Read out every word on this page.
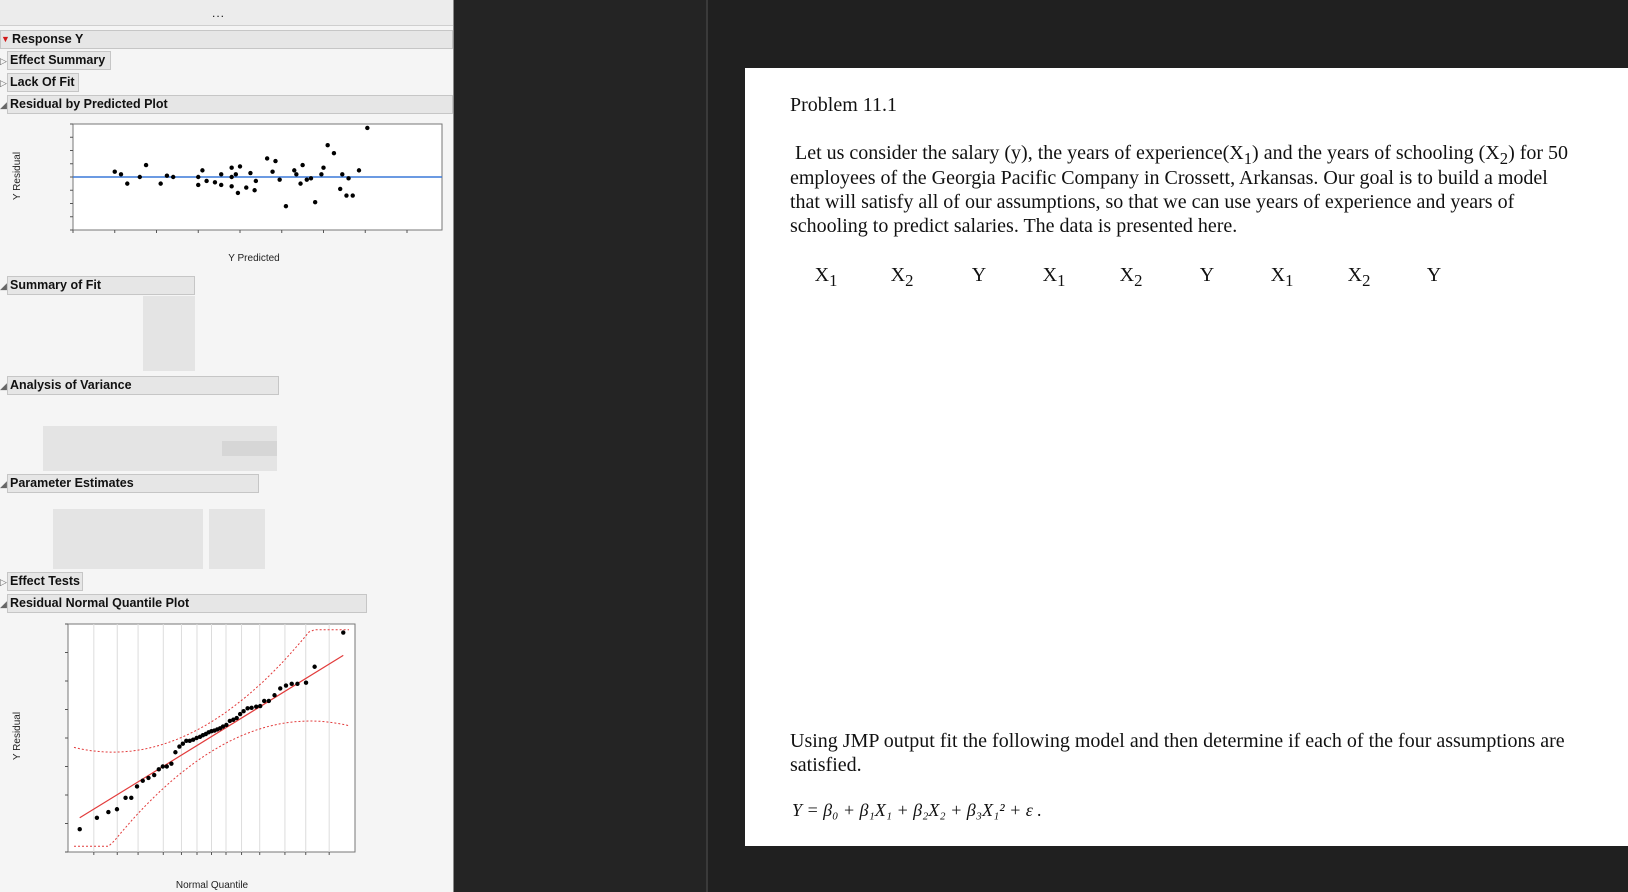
...
▼ Response Y
Effect Summary
▷
Lack Of Fit
▷
Residual by Predicted Plot
◢
Y Residual
Y Predicted
Summary of Fit
◢
Analysis of Variance
◢
Parameter Estimates
◢
Effect Tests
▷
Residual Normal Quantile Plot
◢
Y Residual
Normal Quantile
Problem 11.1
Let us consider the salary (y), the years of $experience(X_1)$ and the years of schooling $(X_2)$ for 50
employees of the Georgia Pacific Company in Crossett, Arkansas. Our goal is to build a model
that will satisfy all of our assumptions, so that we can use years of experience and years of
schooling to predict salaries. The data is presented here.
$X_1$	$X_2$	Y	$X_1$	$X_2$	Y	$X_1$	$X_2$	Y
Using JMP output fit the following model and then determine if each of the four assumptions are
satisfied.
Y = β₀ + β₁X₁ + β₂X₂ + β₃X₁² + ε .
